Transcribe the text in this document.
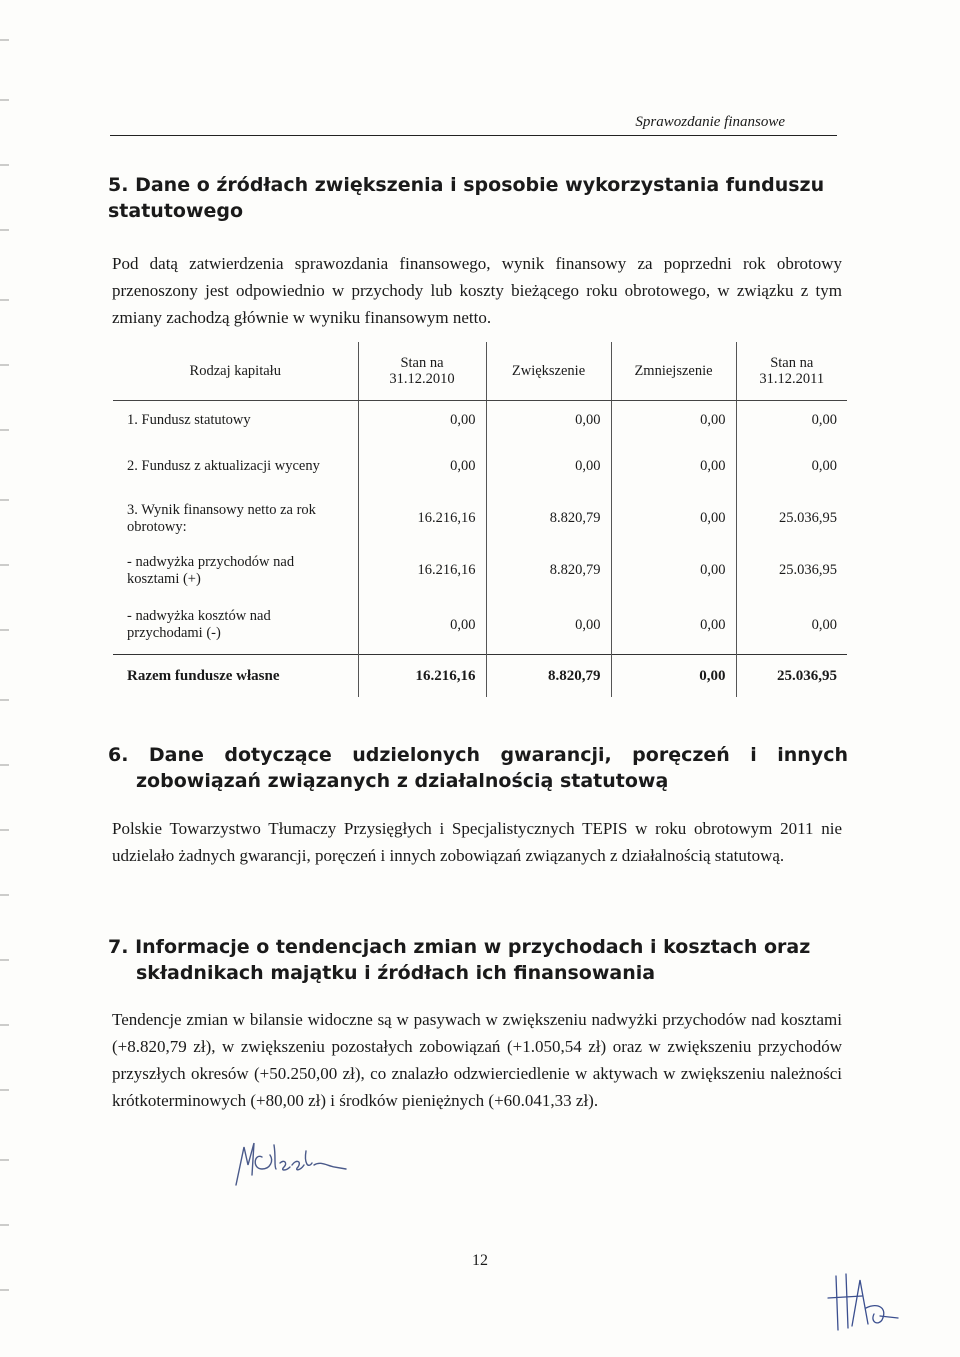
Sprawozdanie finansowe
5. Dane o źródłach zwiększenia i sposobie wykorzystania funduszu statutowego
Pod datą zatwierdzenia sprawozdania finansowego, wynik finansowy za poprzedni rok obrotowy przenoszony jest odpowiednio w przychody lub koszty bieżącego roku obrotowego, w związku z tym zmiany zachodzą głównie w wyniku finansowym netto.
Rodzaj kapitału	Stan na 31.12.2010	Zwiększenie	Zmniejszenie	Stan na 31.12.2011
1. Fundusz statutowy	0,00	0,00	0,00	0,00
2. Fundusz z aktualizacji wyceny	0,00	0,00	0,00	0,00
3. Wynik finansowy netto za rok obrotowy:	16.216,16	8.820,79	0,00	25.036,95
- nadwyżka przychodów nad kosztami (+)	16.216,16	8.820,79	0,00	25.036,95
- nadwyżka kosztów nad przychodami (-)	0,00	0,00	0,00	0,00
Razem fundusze własne	16.216,16	8.820,79	0,00	25.036,95
6. Dane dotyczące udzielonych gwarancji, poręczeń i innych
zobowiązań związanych z działalnością statutową
Polskie Towarzystwo Tłumaczy Przysięgłych i Specjalistycznych TEPIS w roku obrotowym 2011 nie udzielało żadnych gwarancji, poręczeń i innych zobowiązań związanych z działalnością statutową.
7. Informacje o tendencjach zmian w przychodach i kosztach oraz
składnikach majątku i źródłach ich finansowania
Tendencje zmian w bilansie widoczne są w pasywach w zwiększeniu nadwyżki przychodów nad kosztami (+8.820,79 zł), w zwiększeniu pozostałych zobowiązań (+1.050,54 zł) oraz w zwiększeniu przychodów przyszłych okresów (+50.250,00 zł), co znalazło odzwierciedlenie w aktywach w zwiększeniu należności krótkoterminowych (+80,00 zł) i środków pieniężnych (+60.041,33 zł).
12
